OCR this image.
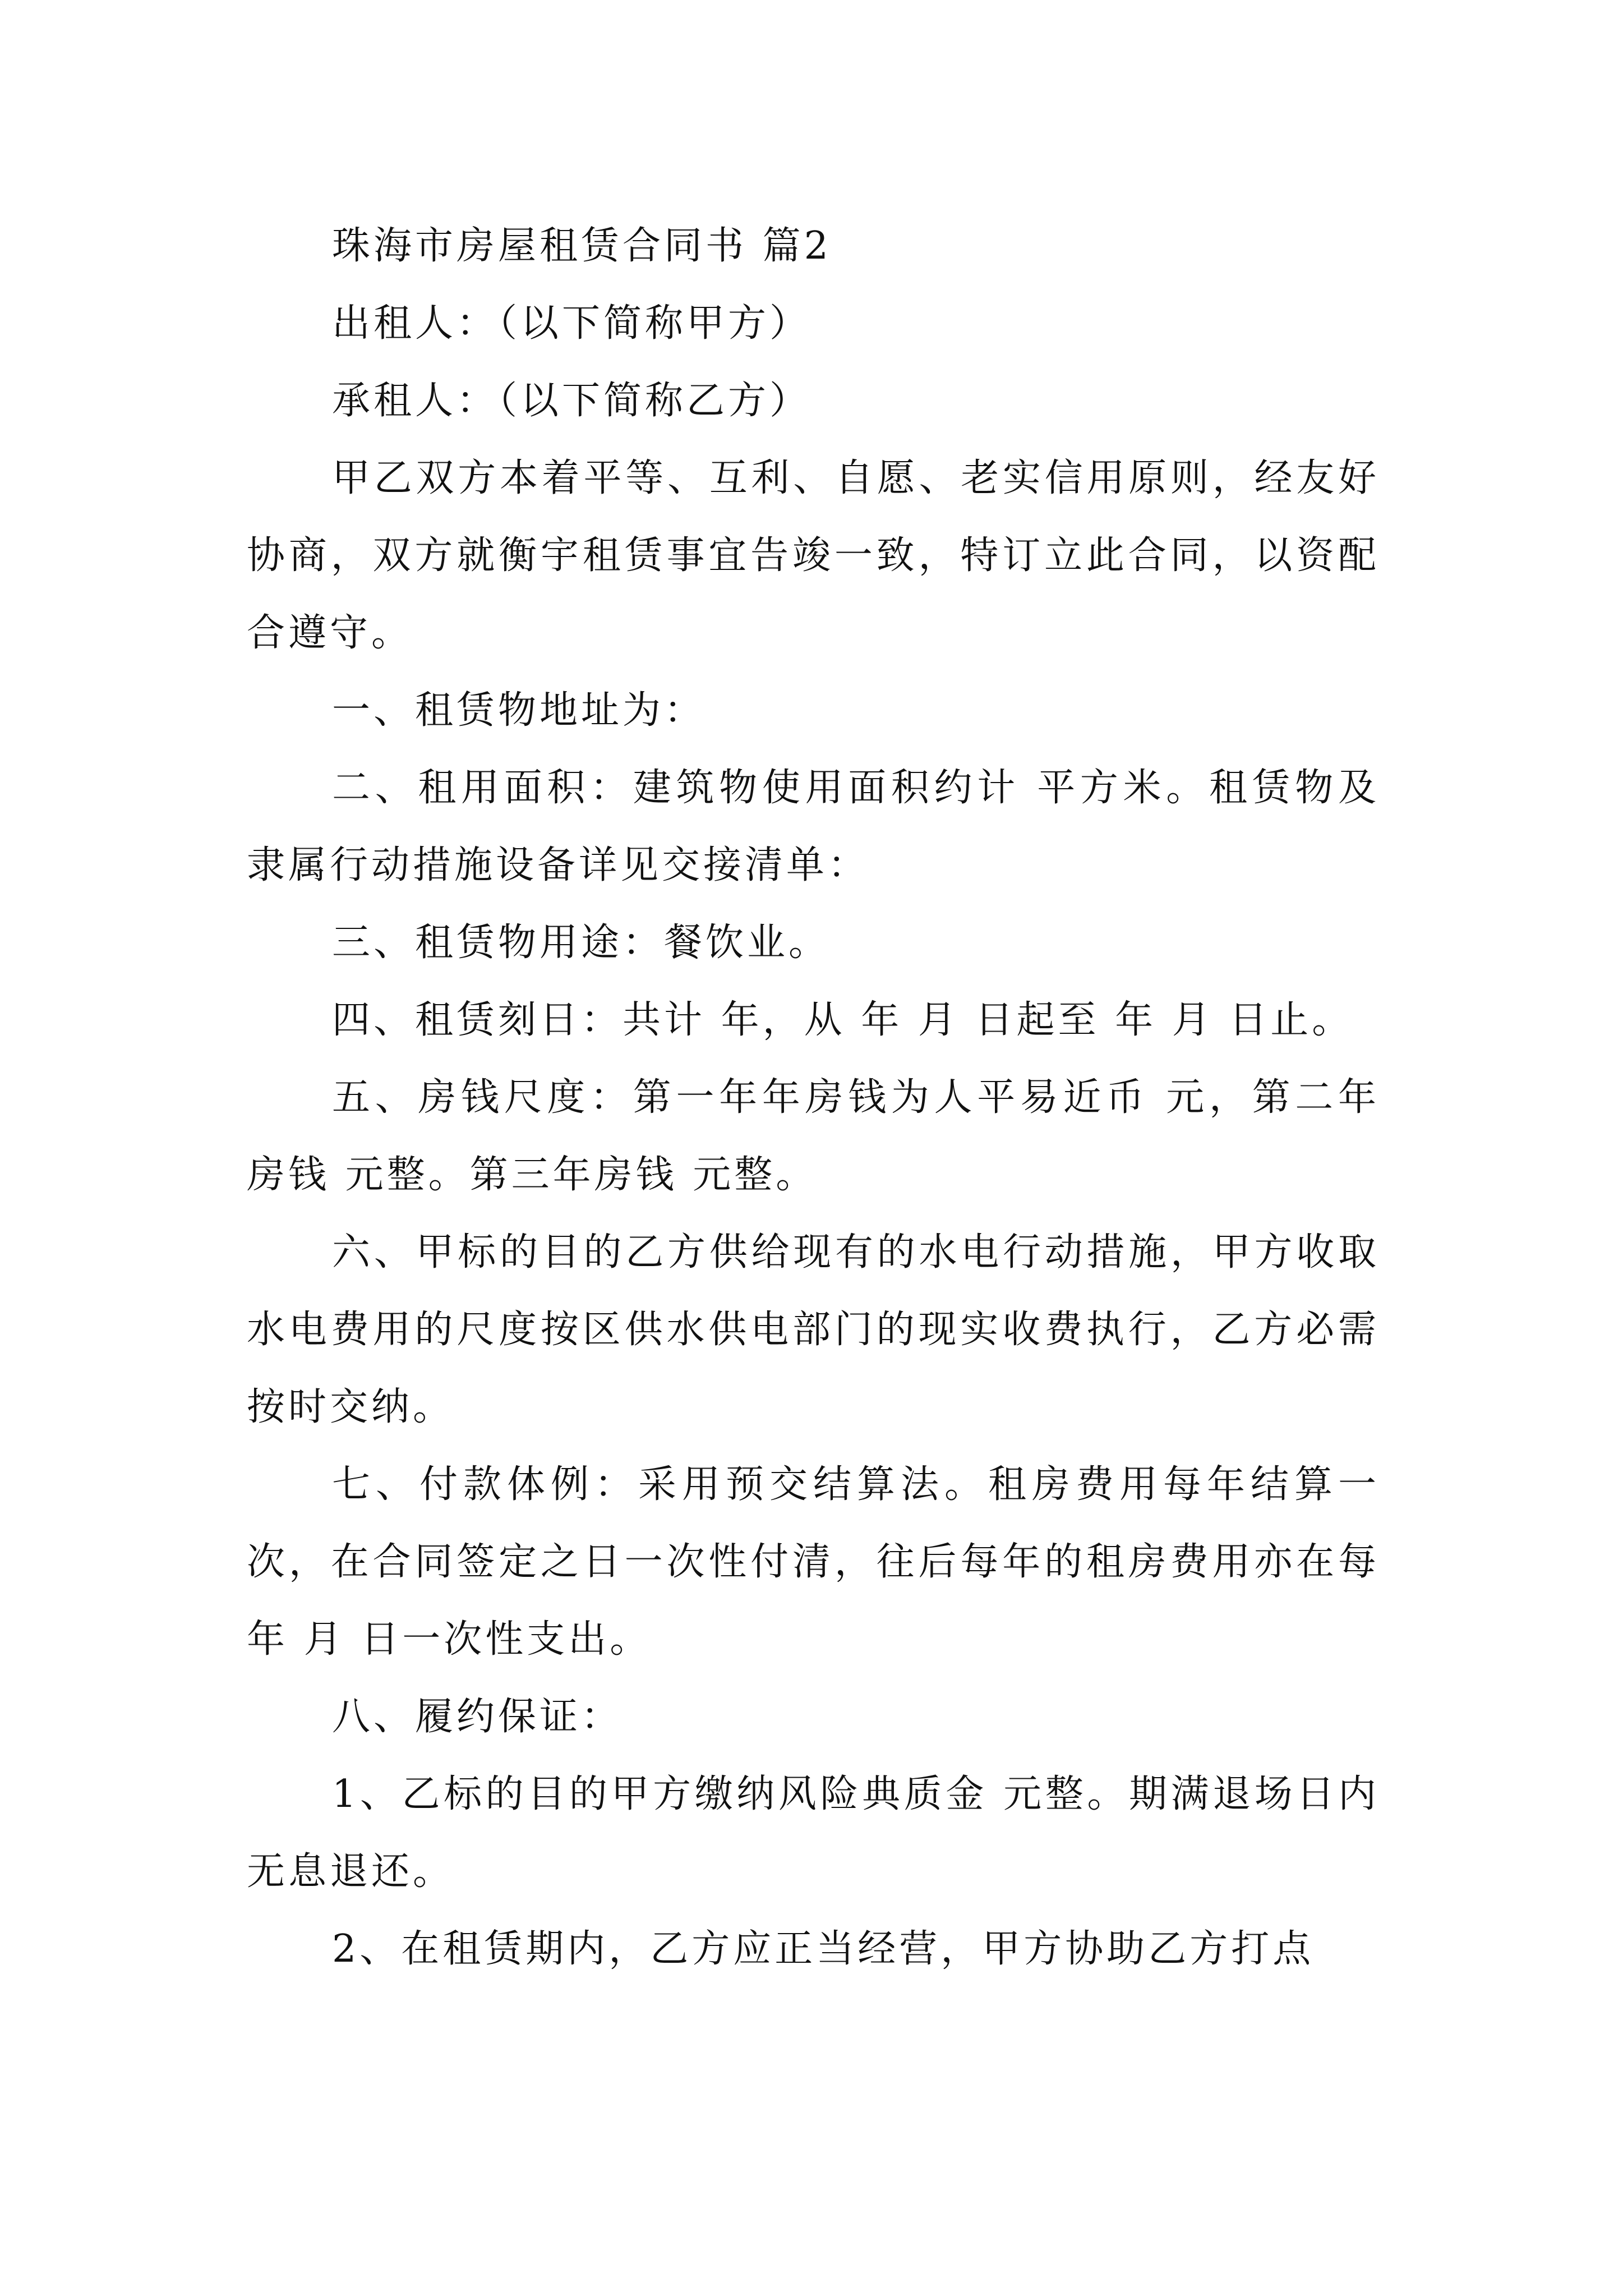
珠海市房屋租赁合同书 篇2

出租人：（以下简称甲方）

承租人：（以下简称乙方）

甲乙双方本着平等、互利、自愿、老实信用原则，经友好协商，双方就衡宇租赁事宜告竣一致，特订立此合同，以资配合遵守。

一、租赁物地址为：

二、租用面积：建筑物使用面积约计 平方米。租赁物及隶属行动措施设备详见交接清单：

三、租赁物用途：餐饮业。

四、租赁刻日：共计 年，从 年 月 日起至 年 月 日止。

五、房钱尺度：第一年年房钱为人平易近币 元，第二年房钱 元整。第三年房钱 元整。

六、甲标的目的乙方供给现有的水电行动措施，甲方收取水电费用的尺度按区供水供电部门的现实收费执行，乙方必需按时交纳。

七、付款体例：采用预交结算法。租房费用每年结算一次，在合同签定之日一次性付清，往后每年的租房费用亦在每年 月 日一次性支出。

八、履约保证：

1、乙标的目的甲方缴纳风险典质金 元整。期满退场日内无息退还。

2、在租赁期内，乙方应正当经营，甲方协助乙方打点
